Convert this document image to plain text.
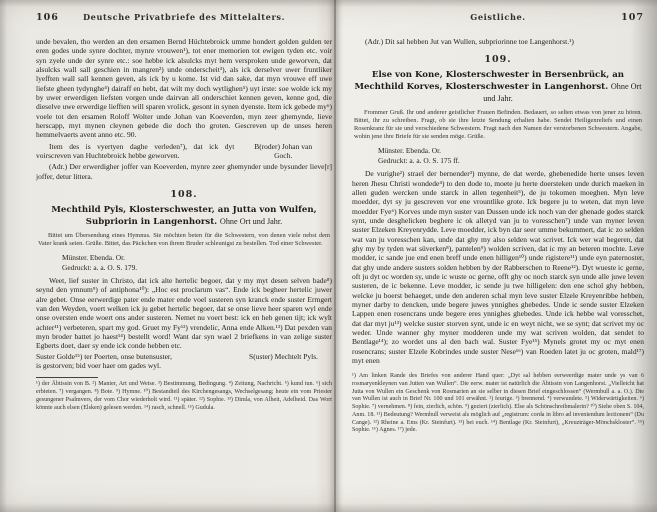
106	Deutsche Privatbriefe des Mittelalters.

unde bevalen, tho werden an den ersamen Bernd Hüchtebroick umme hondert golden gulden ter eren godes unde synre dochter, mynre vrouwen¹), tot ener memorien tot ewigen tyden etc. voir syn zyele unde der synre etc.: soe hebbe ick alsulcks myt hem versproken unde geworven, dat alsulcks wall sall geschien in mangren²) unde onderscheit³), als ick derselver uwer fruntliker lyefften wall sall kennen geven, als ick by u kome. Ist vid dan sake, dat myn vrouwe eff uwe liefste gheen tydynghe⁴) dairaff en hebt, dat wilt my doch wytlighen⁵) uyt irste: soe wolde ick my by uwer erwerdigen liefsten vorgen unde dairvan all onderschiet kennen geven, kenne god, die dieselve uwe erwerdige liefften will sparen vrolick, gesont in synen dyenste. Item ick gebede my⁶) voele tot den ersamen Roloff Wolter unde Johan van Koeverden, myn zeer ghemynde, lieve herscapp, myt mynen cleynen gebede die doch tho groten. Gescreven up de unses heren hemmelvaerts avent anno etc. 90.

Item des is vyertyen daghe verleden⁷), dat ick dyt voirscreven van Huchtebroick hebbe geworven.

B(roder) Johan van
Goch.

(Adr.) Der erwerdigher joffer van Koeverden, mynre zeer ghemynder unde bysunder lieve[r] joffer, detur littera.

108.
Mechthild Pyls, Klosterschwester, an Jutta von Wulfen, Subpriorin in Langenhorst. Ohne Ort und Jahr.

Bittet um Übersendung eines Hymnus. Sie möchten beten für die Schwestern, von denen viele nebst dem Vater krank seien. Grüße. Bittet, das Päckchen von ihrem Bruder schleunigst zu bestellen. Tod einer Schwester.

Münster. Ebenda. Or.
Gedruckt: a. a. O. S. 179.

Weet, lief suster in Christo, dat ick alte hertelic begoer, dat y my myt desen selven bade⁸) seynd den ymnum⁹) of antiphona¹⁰): „Hoc est proclarum vas“. Ende ick begheer hertelic juwer alre gebet. Onse eerwerdige pater ende mater ende voel susteren syn kranck ende suster Ermgert van den Weyden, voert welken ick ju gebet hertelic begoer, dat se onse lieve heer sparen wyl ende onse oversten ende woert ons ander susteren. Nemet nu voert best: ick en heb genen tijt; ick wylt achter¹¹) verbeteren, spart my god. Gruet my Fy¹²) vrendelic, Anna ende Alken.¹³) Dat pexden van myn broder battet jo haest¹⁴) bestellt word! Want dar syn wael 2 briefkens in van zelige suster Egberts doet, daer sy ende ick conde hebben etc.

Suster Golde¹⁵) ter Poerten, onse butensuster,
is gestorven; bid voer haer om gades wyl.
S(uster) Mechtelt Pyls.

¹) der Äbtissin von B. ²) Manier, Art und Weise. ³) Bestimmung, Bedingung. ⁴) Zeitung, Nachricht. ⁵) kund tun. ⁶) sich erbieten. ⁷) vergangen. ⁸) Bote. ⁹) Hymne. ¹⁰) Bestandteil des Kirchengesangs, Wechselgesang; heute ein vom Priester gesungener Psalmvers, der vom Chor wiederholt wird. ¹¹) später. ¹²) Sophie. ¹³) Dimla, von Alheit, Adelheid. Das Wort könnte auch elsen (Elsken) gelesen werden. ¹⁴) rasch, schnell. ¹⁵) Gudula.

Geistliche.	107

(Adr.) Dit sal hebben Jut van Wullen, subpriorinne toe Langenhorst.¹)

109.
Else von Kone, Klosterschwester in Bersenbrück, an Mechthild Korves, Klosterschwester in Langenhorst. Ohne Ort und Jahr.

Frommer Gruß. Ihr und anderer geistlicher Frauen Befinden. Bedauert, so selten etwas von jener zu hören. Bittet, ihr zu schreiben. Fragt, ob sie ihre letzte Sendung erhalten habe. Sendet Heiligenreliefs und einen Rosenkranz für sie und verschiedene Schwestern. Fragt nach den Namen der verstorbenen Schwestern. Angabe, wohin jene ihre Briefe für sie senden möge. Grüße.

Münster. Ebenda. Or.
Gedruckt: a. a. O. S. 175 ff.

De vurighe²) strael der bernender³) mynne, de dat werde, ghebenedide herte unses leven heren Jhesu Christi wondede⁴) to den dode to, moete ju herte doersteken unde durich maeken in allen guden wercken unde starck in allen tegenheit⁵), de ju tokomen moeghen. Myn leve moedder, dyt sy ju gescreven vor ene vrountlike grote. Ick begere ju to weten, dat myn leve moedder Fye⁶) Korves unde myn suster van Dussen unde ick noch van der ghenade godes starck synt, unde desghelicken beghere ic ok alletyd van ju to voresschen⁷) unde van myner leven suster Elzeken Kreyenrydde. Leve moedder, ick byn dar seer umme bekummert, dat ic zo selden wat van ju voresschen kan, unde dat ghy my also selden wat scrivet. Ick wer wal begeren, dat ghy my by tyden wat süverken⁸), pantelen⁹) wolden scriven, dat ic my an beteren mochte. Leve modder, ic sande jue end enen breff unde enen hilligen¹⁰) unde rigistere¹¹) unde eyn paternoster, dat ghy unde andere susters solden hebben by der Rabberschen to Reene¹²). Dyt wueste ic gerne, oft ju dyt oc worden sy, unde ic wuste oc gerne, offt ghy oc noch starck syn unde alle juwe leven susteren, de ic bekenne. Leve modder, ic sende ju twe hilligelen: den ene schol ghy hebben, welcke ju boerst behaeget, unde den anderen schal myn leve suster Elzele Kreyenribbe hebben, myner darby to dencken, unde begere juwes ynnighes ghebedes. Unde ic sende suster Elzeken Lappen enen rosencrans unde begere eres ynnighes ghebedes. Unde ick hebbe wal voresschet, dat dar myt ju¹³) welcke suster storven synt, unde ic en weyt nicht, we se synt; dat scrivet my oc weder. Unde wanner ghy myner modderen unde my wat scriven wolden, dat sendet to Bentlage¹⁴); zo wordet uns al den bach wal. Suster Fye¹⁵) Mynels grotet my oc myt enen rosencrans; suster Elzele Kobrindes unde suster Nese¹⁶) van Roeden latet ju oc groten, mald¹⁷) myt enen

¹) Am linken Rande des Briefes von anderer Hand quer: „Dyt sal hebben eerweerdige mater unde ys van 6 rosmaryenkleynen van Jutten van Wullen“. Die eerw. mater ist natürlich die Äbtissin von Langenhorst. „Vielleicht hat Jutta von Wullen ein Geschenk von Rosmarien an sie selber in diesen Brief eingeschlossen“ (Wermbull a. a. O.). Die van Wullen ist auch in Brief Nr. 100 und 101 erwähnt. ²) feurige. ³) brennend. ⁴) verwundete. ⁵) Widerwärtigkeiten. ⁶) Sophie. ⁷) vernehmen. ⁸) fein, zierlich, schön. ⁹) geziert (zierlich). Else als Schönschreibmalerin? ¹⁰) Siehe oben S. 104, Anm. 18. ¹¹) Bedeutung? Wermbull verweist als möglich auf „registrum: corda in libro ad inveniendum lectionem“ (Du Cange). ¹²) Rheine a. Ems (Kr. Steinfurt). ¹³) bei euch. ¹⁴) Bentlage (Kr. Steinfurt), „Kreuzträger-Mönchskloster“. ¹⁵) Sophie. ¹⁶) Agnes. ¹⁷) jede.
